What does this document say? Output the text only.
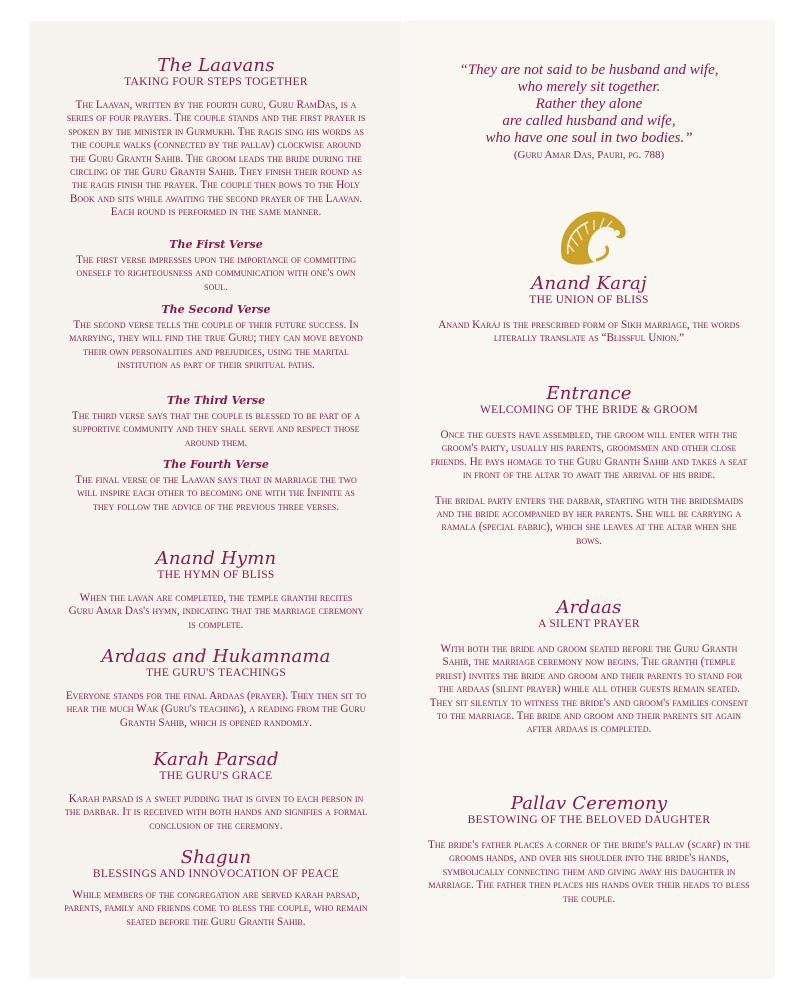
The Laavans
TAKING FOUR STEPS TOGETHER

The Laavan, written by the fourth guru, Guru RamDas, is a series of four prayers. The couple stands and the first prayer is spoken by the minister in Gurmukhi. The ragis sing his words as the couple walks (connected by the pallav) clockwise around the Guru Granth Sahib. The groom leads the bride during the circling of the Guru Granth Sahib. They finish their round as the ragis finish the prayer. The couple then bows to the Holy Book and sits while awaiting the second prayer of the Laavan. Each round is performed in the same manner.

The First Verse

The first verse impresses upon the importance of committing oneself to righteousness and communication with one's own soul.

The Second Verse

The second verse tells the couple of their future success. In marrying, they will find the true Guru; they can move beyond their own personalities and prejudices, using the marital institution as part of their spiritual paths.

The Third Verse

The third verse says that the couple is blessed to be part of a supportive community and they shall serve and respect those around them.

The Fourth Verse

The final verse of the Laavan says that in marriage the two will inspire each other to becoming one with the Infinite as they follow the advice of the previous three verses.

Anand Hymn
THE HYMN OF BLISS

When the lavan are completed, the temple granthi recites Guru Amar Das's hymn, indicating that the marriage ceremony is complete.

Ardaas and Hukamnama
THE GURU'S TEACHINGS

Everyone stands for the final Ardaas (prayer). They then sit to hear the much Wak (Guru's teaching), a reading from the Guru Granth Sahib, which is opened randomly.

Karah Parsad
THE GURU'S GRACE

Karah parsad is a sweet pudding that is given to each person in the darbar. It is received with both hands and signifies a formal conclusion of the ceremony.

Shagun
BLESSINGS AND INNOVOCATION OF PEACE

While members of the congregation are served karah parsad, parents, family and friends come to bless the couple, who remain seated before the Guru Granth Sahib.

“They are not said to be husband and wife,
who merely sit together.
Rather they alone
are called husband and wife,
who have one soul in two bodies.”
(Guru Amar Das, Pauri, pg. 788)
Anand Karaj
THE UNION OF BLISS

Anand Karaj is the prescribed form of Sikh marriage, the words literally translate as “Blissful Union.”

Entrance
WELCOMING OF THE BRIDE & GROOM

Once the guests have assembled, the groom will enter with the groom's party, usually his parents, groomsmen and other close friends. He pays homage to the Guru Granth Sahib and takes a seat in front of the altar to await the arrival of his bride.

The bridal party enters the darbar, starting with the bridesmaids and the bride accompanied by her parents. She will be carrying a ramala (special fabric), which she leaves at the altar when she bows.

Ardaas
A SILENT PRAYER

With both the bride and groom seated before the Guru Granth Sahib, the marriage ceremony now begins. The granthi (temple priest) invites the bride and groom and their parents to stand for the ardaas (silent prayer) while all other guests remain seated. They sit silently to witness the bride's and groom's families consent to the marriage. The bride and groom and their parents sit again after ardaas is completed.

Pallav Ceremony
BESTOWING OF THE BELOVED DAUGHTER

The bride's father places a corner of the bride's pallav (scarf) in the grooms hands, and over his shoulder into the bride's hands, symbolically connecting them and giving away his daughter in marriage. The father then places his hands over their heads to bless the couple.
